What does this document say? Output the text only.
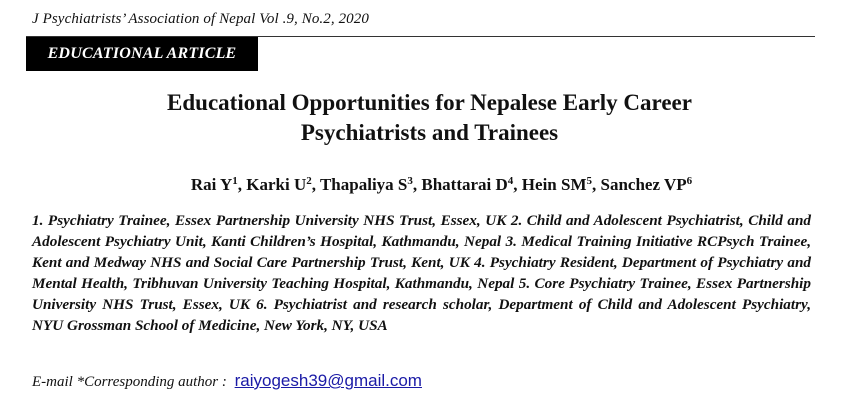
J Psychiatrists’ Association of Nepal Vol .9, No.2, 2020
EDUCATIONAL ARTICLE
Educational Opportunities for Nepalese Early Career
Psychiatrists and Trainees
Rai $Y^1$, Karki $U^2$, Thapaliya $S^3$, Bhattarai $D^4$, Hein $SM^5$, Sanchez $VP^6$
1. Psychiatry Trainee, Essex Partnership University NHS Trust, Essex, UK 2. Child and Adolescent Psychiatrist, Child and Adolescent Psychiatry Unit, Kanti Children’s Hospital, Kathmandu, Nepal 3. Medical Training Initiative RCPsych Trainee, Kent and Medway NHS and Social Care Partnership Trust, Kent, UK 4. Psychiatry Resident, Department of Psychiatry and Mental Health, Tribhuvan University Teaching Hospital, Kathmandu, Nepal 5. Core Psychiatry Trainee, Essex Partnership University NHS Trust, Essex, UK 6. Psychiatrist and research scholar, Department of Child and Adolescent Psychiatry, NYU Grossman School of Medicine, New York, NY, USA
E-mail *Corresponding author : raiyogesh39@gmail.com
